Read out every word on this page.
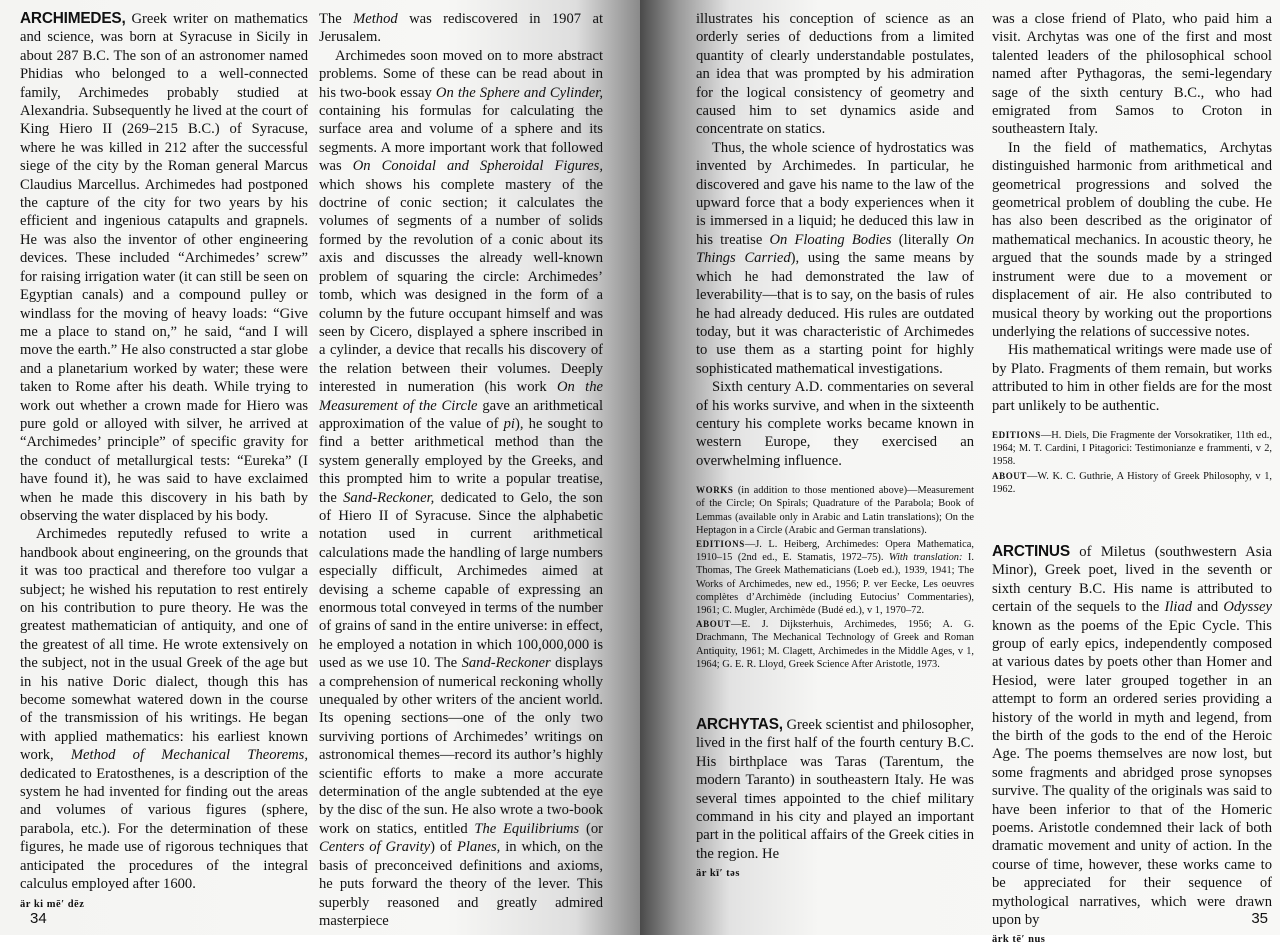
ARCHIMEDES, Greek writer on mathematics and science, was born at Syracuse in Sicily in about 287 B.C. The son of an astronomer named Phidias who belonged to a well-connected family, Archimedes probably studied at Alexandria. Subsequently he lived at the court of King Hiero II (269–215 B.C.) of Syracuse, where he was killed in 212 after the successful siege of the city by the Roman general Marcus Claudius Marcellus. Archimedes had postponed the capture of the city for two years by his efficient and ingenious catapults and grapnels. He was also the inventor of other engineering devices. These included “Archimedes’ screw” for raising irrigation water (it can still be seen on Egyptian canals) and a compound pulley or windlass for the moving of heavy loads: “Give me a place to stand on,” he said, “and I will move the earth.” He also constructed a star globe and a planetarium worked by water; these were taken to Rome after his death. While trying to work out whether a crown made for Hiero was pure gold or alloyed with silver, he arrived at “Archimedes’ principle” of specific gravity for the conduct of metallurgical tests: “Eureka” (I have found it), he was said to have exclaimed when he made this discovery in his bath by observing the water displaced by his body.

Archimedes reputedly refused to write a handbook about engineering, on the grounds that it was too practical and therefore too vulgar a subject; he wished his reputation to rest entirely on his contribution to pure theory. He was the greatest mathematician of antiquity, and one of the greatest of all time. He wrote extensively on the subject, not in the usual Greek of the age but in his native Doric dialect, though this has become somewhat watered down in the course of the transmission of his writings. He began with applied mathematics: his earliest known work, Method of Mechanical Theorems, dedicated to Eratosthenes, is a description of the system he had invented for finding out the areas and volumes of various figures (sphere, parabola, etc.). For the determination of these figures, he made use of rigorous techniques that anticipated the procedures of the integral calculus employed after 1600.

är ki mē′ dēz

The Method was rediscovered in 1907 at Jerusalem.

Archimedes soon moved on to more abstract problems. Some of these can be read about in his two-book essay On the Sphere and Cylinder, containing his formulas for calculating the surface area and volume of a sphere and its segments. A more important work that followed was On Conoidal and Spheroidal Figures, which shows his complete mastery of the doctrine of conic section; it calculates the volumes of segments of a number of solids formed by the revolution of a conic about its axis and discusses the already well-known problem of squaring the circle: Archimedes’ tomb, which was designed in the form of a column by the future occupant himself and was seen by Cicero, displayed a sphere inscribed in a cylinder, a device that recalls his discovery of the relation between their volumes. Deeply interested in numeration (his work On the Measurement of the Circle gave an arithmetical approximation of the value of pi), he sought to find a better arithmetical method than the system generally employed by the Greeks, and this prompted him to write a popular treatise, the Sand-Reckoner, dedicated to Gelo, the son of Hiero II of Syracuse. Since the alphabetic notation used in current arithmetical calculations made the handling of large numbers especially difficult, Archimedes aimed at devising a scheme capable of expressing an enormous total conveyed in terms of the number of grains of sand in the entire universe: in effect, he employed a notation in which 100,000,000 is used as we use 10. The Sand-Reckoner displays a comprehension of numerical reckoning wholly unequaled by other writers of the ancient world. Its opening sections—one of the only two surviving portions of Archimedes’ writings on astronomical themes—record its author’s highly scientific efforts to make a more accurate determination of the angle subtended at the eye by the disc of the sun. He also wrote a two-book work on statics, entitled The Equilibriums (or Centers of Gravity) of Planes, in which, on the basis of preconceived definitions and axioms, he puts forward the theory of the lever. This superbly reasoned and greatly admired masterpiece

34

illustrates his conception of science as an orderly series of deductions from a limited quantity of clearly understandable postulates, an idea that was prompted by his admiration for the logical consistency of geometry and caused him to set dynamics aside and concentrate on statics.

Thus, the whole science of hydrostatics was invented by Archimedes. In particular, he discovered and gave his name to the law of the upward force that a body experiences when it is immersed in a liquid; he deduced this law in his treatise On Floating Bodies (literally On Things Carried), using the same means by which he had demonstrated the law of leverability—that is to say, on the basis of rules he had already deduced. His rules are outdated today, but it was characteristic of Archimedes to use them as a starting point for highly sophisticated mathematical investigations.

Sixth century A.D. commentaries on several of his works survive, and when in the sixteenth century his complete works became known in western Europe, they exercised an overwhelming influence.

WORKS (in addition to those mentioned above)—Measurement of the Circle; On Spirals; Quadrature of the Parabola; Book of Lemmas (available only in Arabic and Latin translations); On the Heptagon in a Circle (Arabic and German translations).

EDITIONS—J. L. Heiberg, Archimedes: Opera Mathematica, 1910–15 (2nd ed., E. Stamatis, 1972–75). With translation: I. Thomas, The Greek Mathematicians (Loeb ed.), 1939, 1941; The Works of Archimedes, new ed., 1956; P. ver Eecke, Les oeuvres complètes d’Archimède (including Eutocius’ Commentaries), 1961; C. Mugler, Archimède (Budé ed.), v 1, 1970–72.

ABOUT—E. J. Dijksterhuis, Archimedes, 1956; A. G. Drachmann, The Mechanical Technology of Greek and Roman Antiquity, 1961; M. Clagett, Archimedes in the Middle Ages, v 1, 1964; G. E. R. Lloyd, Greek Science After Aristotle, 1973.

ARCHYTAS, Greek scientist and philosopher, lived in the first half of the fourth century B.C. His birthplace was Taras (Tarentum, the modern Taranto) in southeastern Italy. He was several times appointed to the chief military command in his city and played an important part in the political affairs of the Greek cities in the region. He

är kī′ təs

was a close friend of Plato, who paid him a visit. Archytas was one of the first and most talented leaders of the philosophical school named after Pythagoras, the semi-legendary sage of the sixth century B.C., who had emigrated from Samos to Croton in southeastern Italy.

In the field of mathematics, Archytas distinguished harmonic from arithmetical and geometrical progressions and solved the geometrical problem of doubling the cube. He has also been described as the originator of mathematical mechanics. In acoustic theory, he argued that the sounds made by a stringed instrument were due to a movement or displacement of air. He also contributed to musical theory by working out the proportions underlying the relations of successive notes.

His mathematical writings were made use of by Plato. Fragments of them remain, but works attributed to him in other fields are for the most part unlikely to be authentic.

EDITIONS—H. Diels, Die Fragmente der Vorsokratiker, 11th ed., 1964; M. T. Cardini, I Pitagorici: Testimonianze e frammenti, v 2, 1958.

ABOUT—W. K. C. Guthrie, A History of Greek Philosophy, v 1, 1962.

ARCTINUS of Miletus (southwestern Asia Minor), Greek poet, lived in the seventh or sixth century B.C. His name is attributed to certain of the sequels to the Iliad and Odyssey known as the poems of the Epic Cycle. This group of early epics, independently composed at various dates by poets other than Homer and Hesiod, were later grouped together in an attempt to form an ordered series providing a history of the world in myth and legend, from the birth of the gods to the end of the Heroic Age. The poems themselves are now lost, but some fragments and abridged prose synopses survive. The quality of the originals was said to have been inferior to that of the Homeric poems. Aristotle condemned their lack of both dramatic movement and unity of action. In the course of time, however, these works came to be appreciated for their sequence of mythological narratives, which were drawn upon by

ärk tē′ nus
35
